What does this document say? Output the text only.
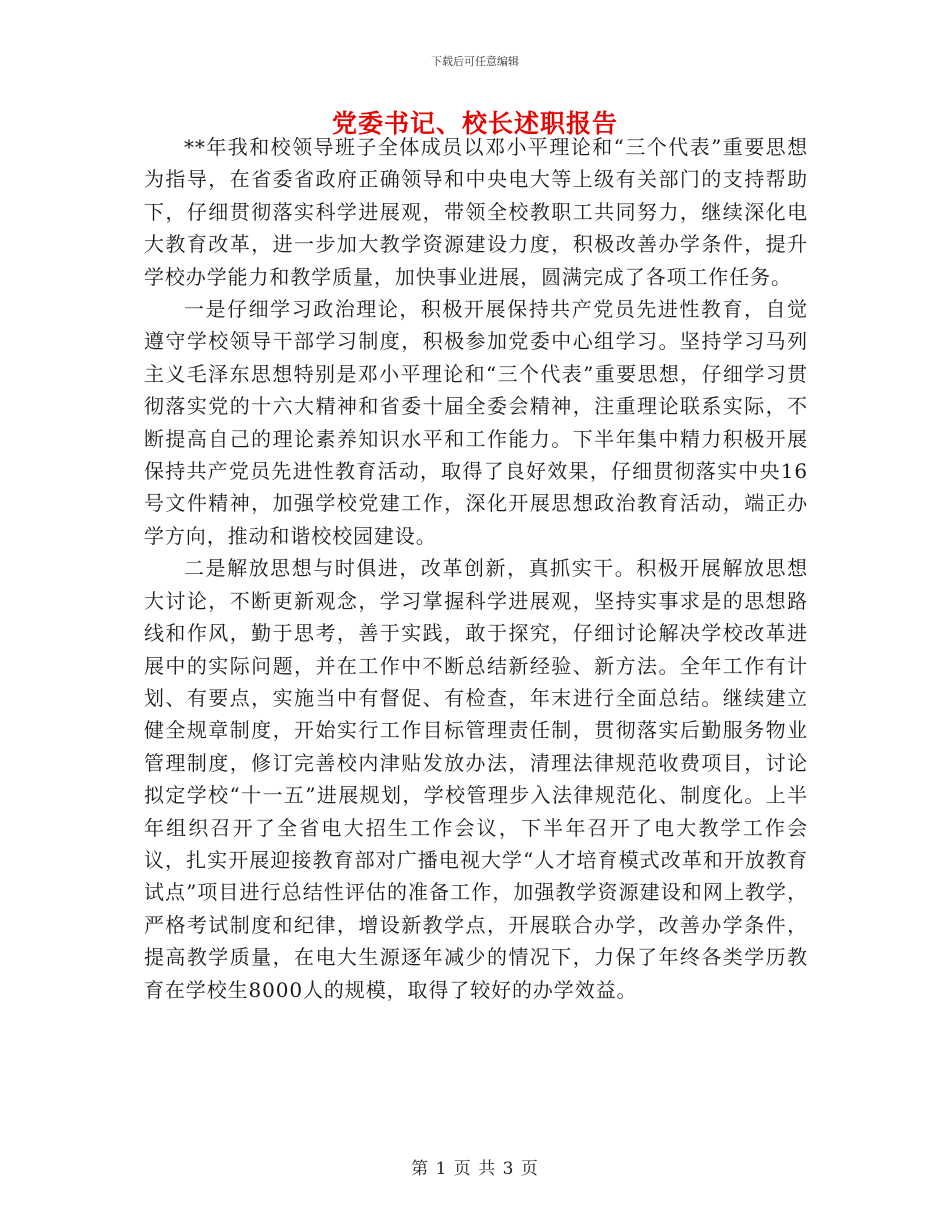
下载后可任意编辑
党委书记、校长述职报告

**年我和校领导班子全体成员以邓小平理论和“三个代表”重要思想为指导，在省委省政府正确领导和中央电大等上级有关部门的支持帮助下，仔细贯彻落实科学进展观，带领全校教职工共同努力，继续深化电大教育改革，进一步加大教学资源建设力度，积极改善办学条件，提升学校办学能力和教学质量，加快事业进展，圆满完成了各项工作任务。

一是仔细学习政治理论，积极开展保持共产党员先进性教育，自觉遵守学校领导干部学习制度，积极参加党委中心组学习。坚持学习马列主义毛泽东思想特别是邓小平理论和“三个代表”重要思想，仔细学习贯彻落实党的十六大精神和省委十届全委会精神，注重理论联系实际，不断提高自己的理论素养知识水平和工作能力。下半年集中精力积极开展保持共产党员先进性教育活动，取得了良好效果，仔细贯彻落实中央16号文件精神，加强学校党建工作，深化开展思想政治教育活动，端正办学方向，推动和谐校校园建设。

二是解放思想与时俱进，改革创新，真抓实干。积极开展解放思想大讨论，不断更新观念，学习掌握科学进展观，坚持实事求是的思想路线和作风，勤于思考，善于实践，敢于探究，仔细讨论解决学校改革进展中的实际问题，并在工作中不断总结新经验、新方法。全年工作有计划、有要点，实施当中有督促、有检查，年末进行全面总结。继续建立健全规章制度，开始实行工作目标管理责任制，贯彻落实后勤服务物业管理制度，修订完善校内津贴发放办法，清理法律规范收费项目，讨论拟定学校“十一五”进展规划，学校管理步入法律规范化、制度化。上半年组织召开了全省电大招生工作会议，下半年召开了电大教学工作会议，扎实开展迎接教育部对广播电视大学“人才培育模式改革和开放教育试点”项目进行总结性评估的准备工作，加强教学资源建设和网上教学，严格考试制度和纪律，增设新教学点，开展联合办学，改善办学条件，提高教学质量，在电大生源逐年减少的情况下，力保了年终各类学历教育在学校生8000人的规模，取得了较好的办学效益。

第 1 页 共 3 页
